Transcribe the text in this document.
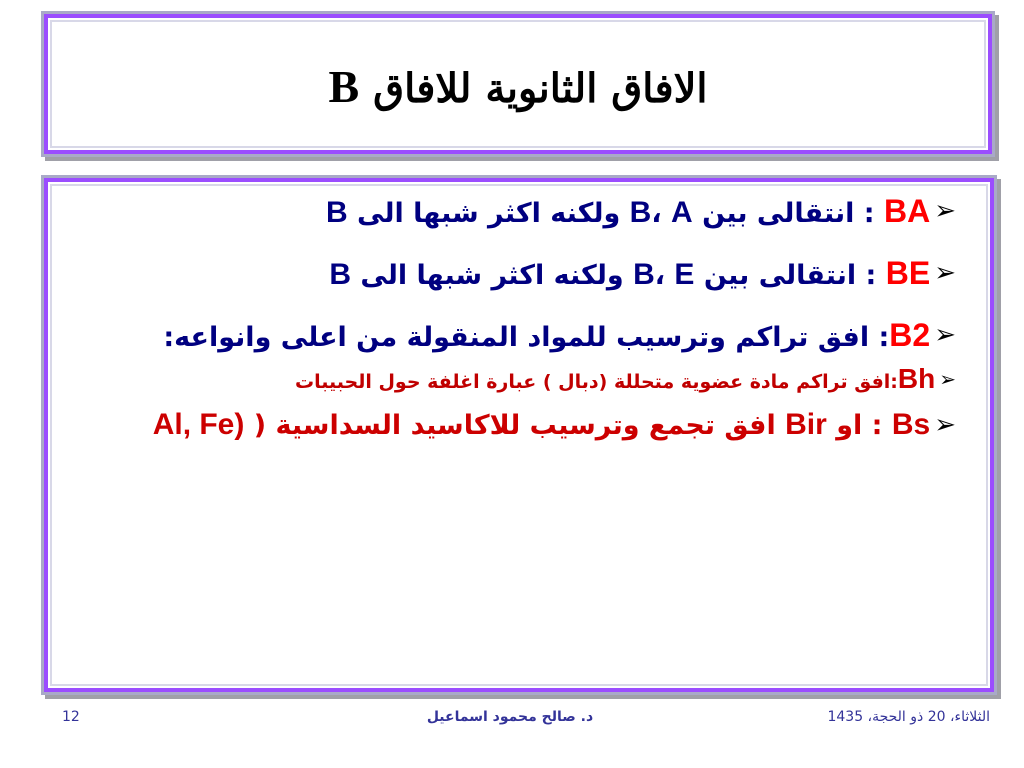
الافاق الثانوية للافاق B
➢
BA : انتقالى بين B، A ولكنه اكثر شبها الى B
➢
BE : انتقالى بين B، E ولكنه اكثر شبها الى B
➢
B2: افق تراكم وترسيب للمواد المنقولة من اعلى وانواعه:
➢
Bh:افق تراكم مادة عضوية متحللة (دبال ) عبارة اغلفة حول الحبيبات
➢
Bs : او Bir افق تجمع وترسيب للاكاسيد السداسية ( Al, Fe)
الثلاثاء، 20 ذو الحجة، 1435
د. صالح محمود اسماعيل
12
